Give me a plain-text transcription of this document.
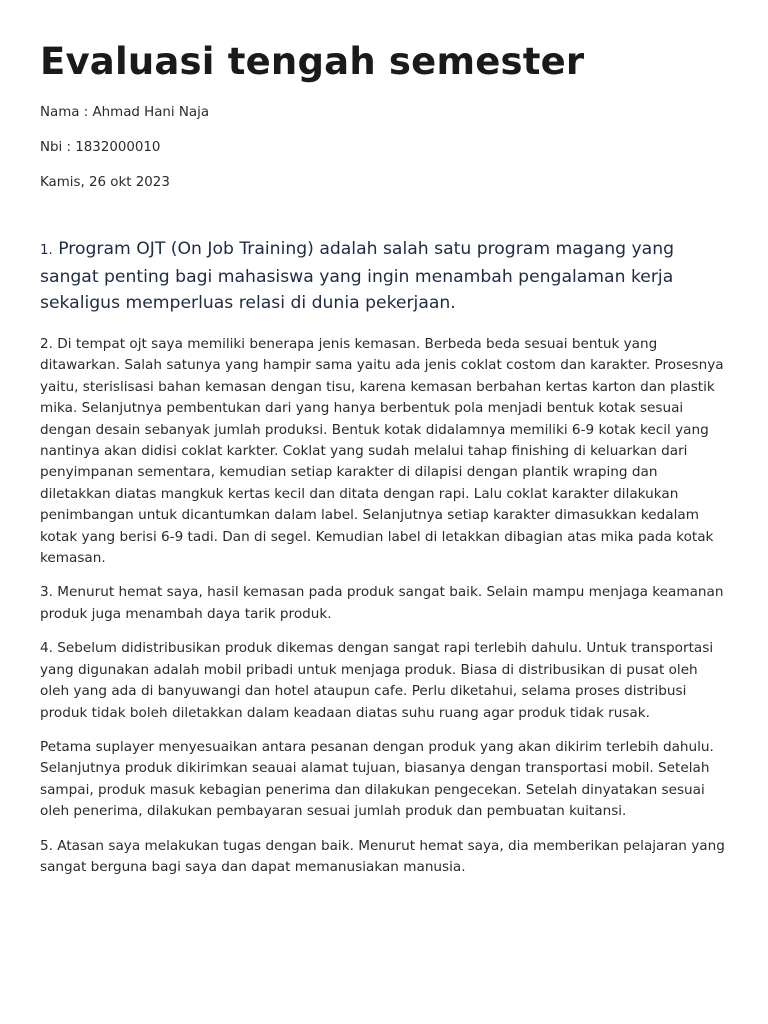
Evaluasi tengah semester

Nama : Ahmad Hani Naja

Nbi : 1832000010

Kamis, 26 okt 2023

1. Program OJT (On Job Training) adalah salah satu program magang yang sangat penting bagi mahasiswa yang ingin menambah pengalaman kerja sekaligus memperluas relasi di dunia pekerjaan.

2. Di tempat ojt saya memiliki benerapa jenis kemasan. Berbeda beda sesuai bentuk yang ditawarkan. Salah satunya yang hampir sama yaitu ada jenis coklat costom dan karakter. Prosesnya yaitu, sterislisasi bahan kemasan dengan tisu, karena kemasan berbahan kertas karton dan plastik mika. Selanjutnya pembentukan dari yang hanya berbentuk pola menjadi bentuk kotak sesuai dengan desain sebanyak jumlah produksi. Bentuk kotak didalamnya memiliki 6-9 kotak kecil yang nantinya akan didisi coklat karkter. Coklat yang sudah melalui tahap finishing di keluarkan dari penyimpanan sementara, kemudian setiap karakter di dilapisi dengan plantik wraping dan diletakkan diatas mangkuk kertas kecil dan ditata dengan rapi. Lalu coklat karakter dilakukan penimbangan untuk dicantumkan dalam label. Selanjutnya setiap karakter dimasukkan kedalam kotak yang berisi 6-9 tadi. Dan di segel. Kemudian label di letakkan dibagian atas mika pada kotak kemasan.

3. Menurut hemat saya, hasil kemasan pada produk sangat baik. Selain mampu menjaga keamanan produk juga menambah daya tarik produk.

4. Sebelum didistribusikan produk dikemas dengan sangat rapi terlebih dahulu. Untuk transportasi yang digunakan adalah mobil pribadi untuk menjaga produk. Biasa di distribusikan di pusat oleh oleh yang ada di banyuwangi dan hotel ataupun cafe. Perlu diketahui, selama proses distribusi produk tidak boleh diletakkan dalam keadaan diatas suhu ruang agar produk tidak rusak.

Petama suplayer menyesuaikan antara pesanan dengan produk yang akan dikirim terlebih dahulu. Selanjutnya produk dikirimkan seauai alamat tujuan, biasanya dengan transportasi mobil. Setelah sampai, produk masuk kebagian penerima dan dilakukan pengecekan. Setelah dinyatakan sesuai oleh penerima, dilakukan pembayaran sesuai jumlah produk dan pembuatan kuitansi.

5. Atasan saya melakukan tugas dengan baik. Menurut hemat saya, dia memberikan pelajaran yang sangat berguna bagi saya dan dapat memanusiakan manusia.
